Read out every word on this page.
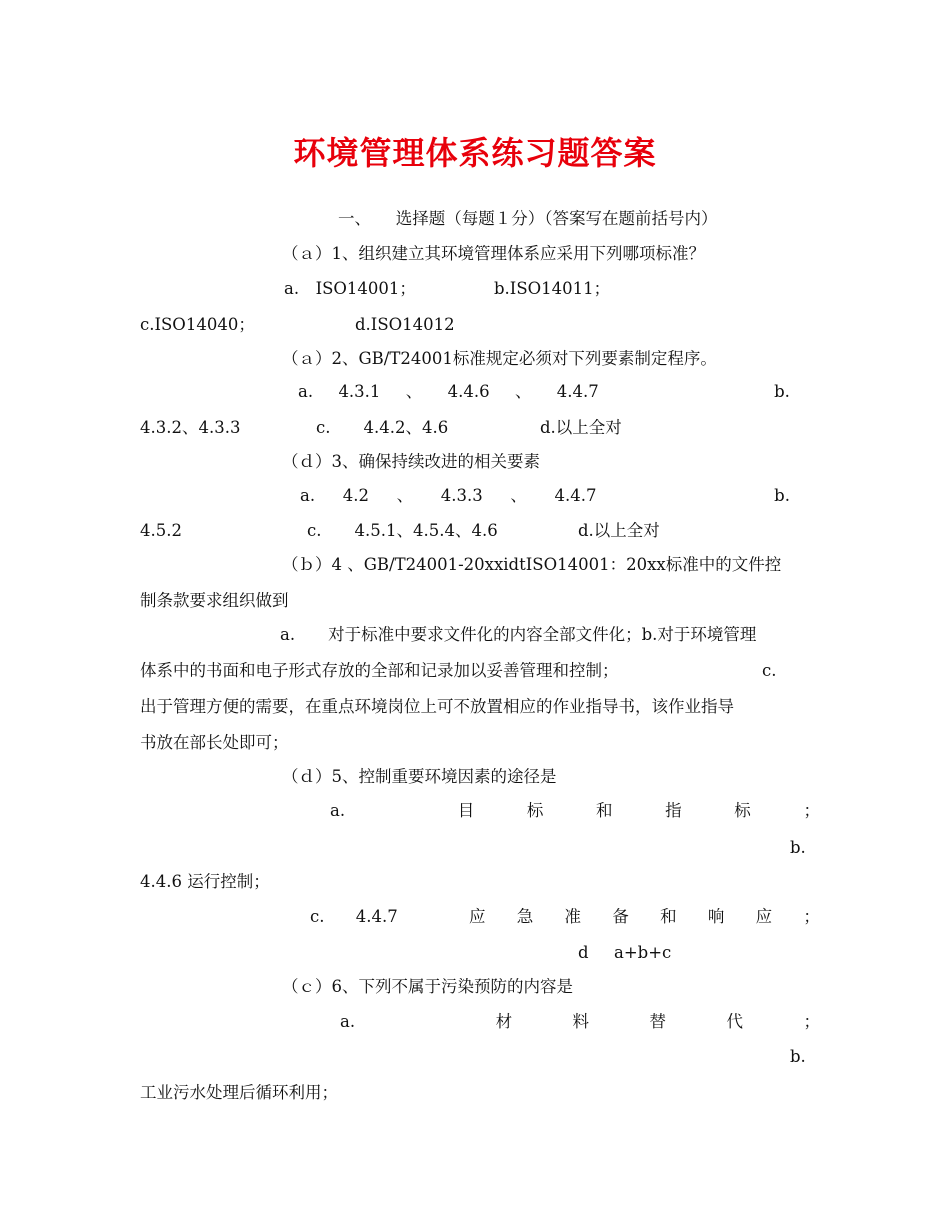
环境管理体系练习题答案
一、　　选择题（每题１分）（答案写在题前括号内）
（ａ）1、组织建立其环境管理体系应采用下列哪项标准？
a.　ISO14001；	b.ISO14011；
c.ISO14040；	d.ISO14012
（ａ）2、GB/T24001标准规定必须对下列要素制定程序。
a. 4.3.1 、 4.4.6 、 4.4.7	b.
4.3.2、4.3.3	c.　　4.4.2、4.6	d.以上全对
（ｄ）3、确保持续改进的相关要素
a. 4.2 、 4.3.3 、 4.4.7	b.
4.5.2	c.　　4.5.1、4.5.4、4.6	d.以上全对
（ｂ）4 、GB/T24001-20xxidtISO14001：20xx标准中的文件控
制条款要求组织做到
a.　　对于标准中要求文件化的内容全部文件化；b.对于环境管理
体系中的书面和电子形式存放的全部和记录加以妥善管理和控制；	c.
出于管理方便的需要，在重点环境岗位上可不放置相应的作业指导书，该作业指导
书放在部长处即可；
（ｄ）5、控制重要环境因素的途径是
a.	目	标	和	指	标	；
b.
4.4.6 运行控制；
c. 4.4.7	应 急 准 备 和 响 应 ；
d a+b+c
（ｃ）6、下列不属于污染预防的内容是
a.	材	料	替	代	；
b.
工业污水处理后循环利用；
